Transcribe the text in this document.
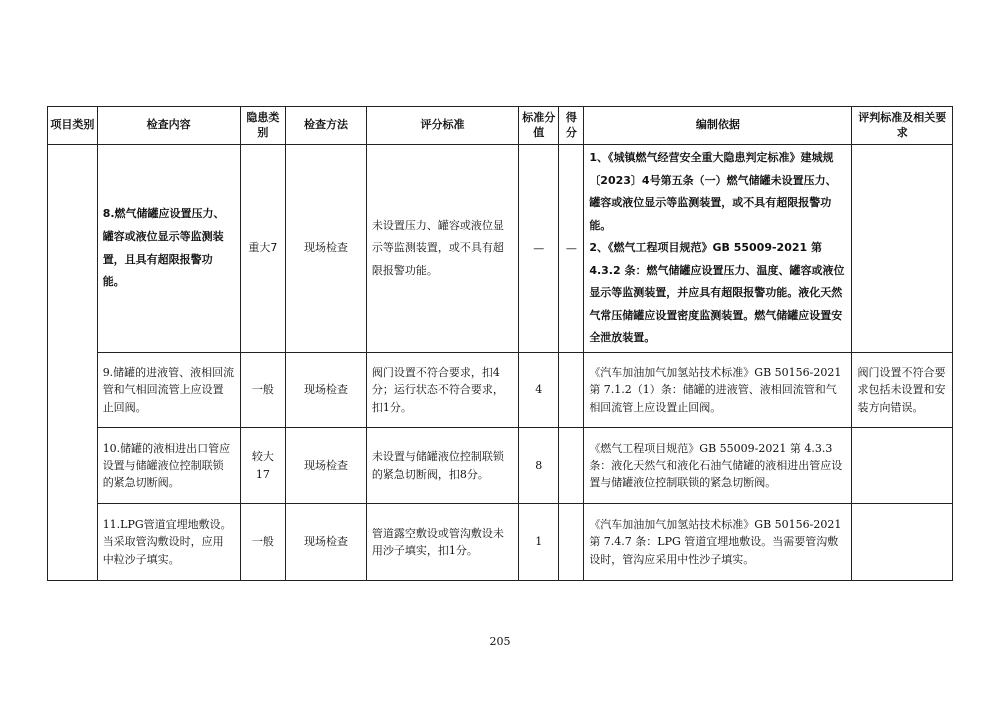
项目类别	检查内容	隐患类别	检查方法	评分标准	标准分值	得分	编制依据	评判标准及相关要求
	8.燃气储罐应设置压力、罐容或液位显示等监测装置，且具有超限报警功能。	重大7	现场检查	未设置压力、罐容或液位显示等监测装置，或不具有超限报警功能。	—	—	1、《城镇燃气经营安全重大隐患判定标准》建城规〔2023〕4号第五条（一）燃气储罐未设置压力、罐容或液位显示等监测装置，或不具有超限报警功能。

2、《燃气工程项目规范》GB 55009-2021 第 4.3.2 条：燃气储罐应设置压力、温度、罐容或液位显示等监测装置，并应具有超限报警功能。液化天然气常压储罐应设置密度监测装置。燃气储罐应设置安全泄放装置。	

	9.储罐的进液管、液相回流管和气相回流管上应设置止回阀。	一般	现场检查	阀门设置不符合要求，扣4分；运行状态不符合要求，扣1分。	4		《汽车加油加气加氢站技术标准》GB 50156-2021 第 7.1.2（1）条：储罐的进液管、液相回流管和气相回流管上应设置止回阀。	阀门设置不符合要求包括未设置和安装方向错误。
	10.储罐的液相进出口管应设置与储罐液位控制联锁的紧急切断阀。	较大17	现场检查	未设置与储罐液位控制联锁的紧急切断阀，扣8分。	8		《燃气工程项目规范》GB 55009-2021 第 4.3.3 条：液化天然气和液化石油气储罐的液相进出管应设置与储罐液位控制联锁的紧急切断阀。	
	11.LPG管道宜埋地敷设。当采取管沟敷设时，应用中粒沙子填实。	一般	现场检查	管道露空敷设或管沟敷设未用沙子填实，扣1分。	1		《汽车加油加气加氢站技术标准》GB 50156-2021 第 7.4.7 条：LPG 管道宜埋地敷设。当需要管沟敷设时，管沟应采用中性沙子填实。	
205
